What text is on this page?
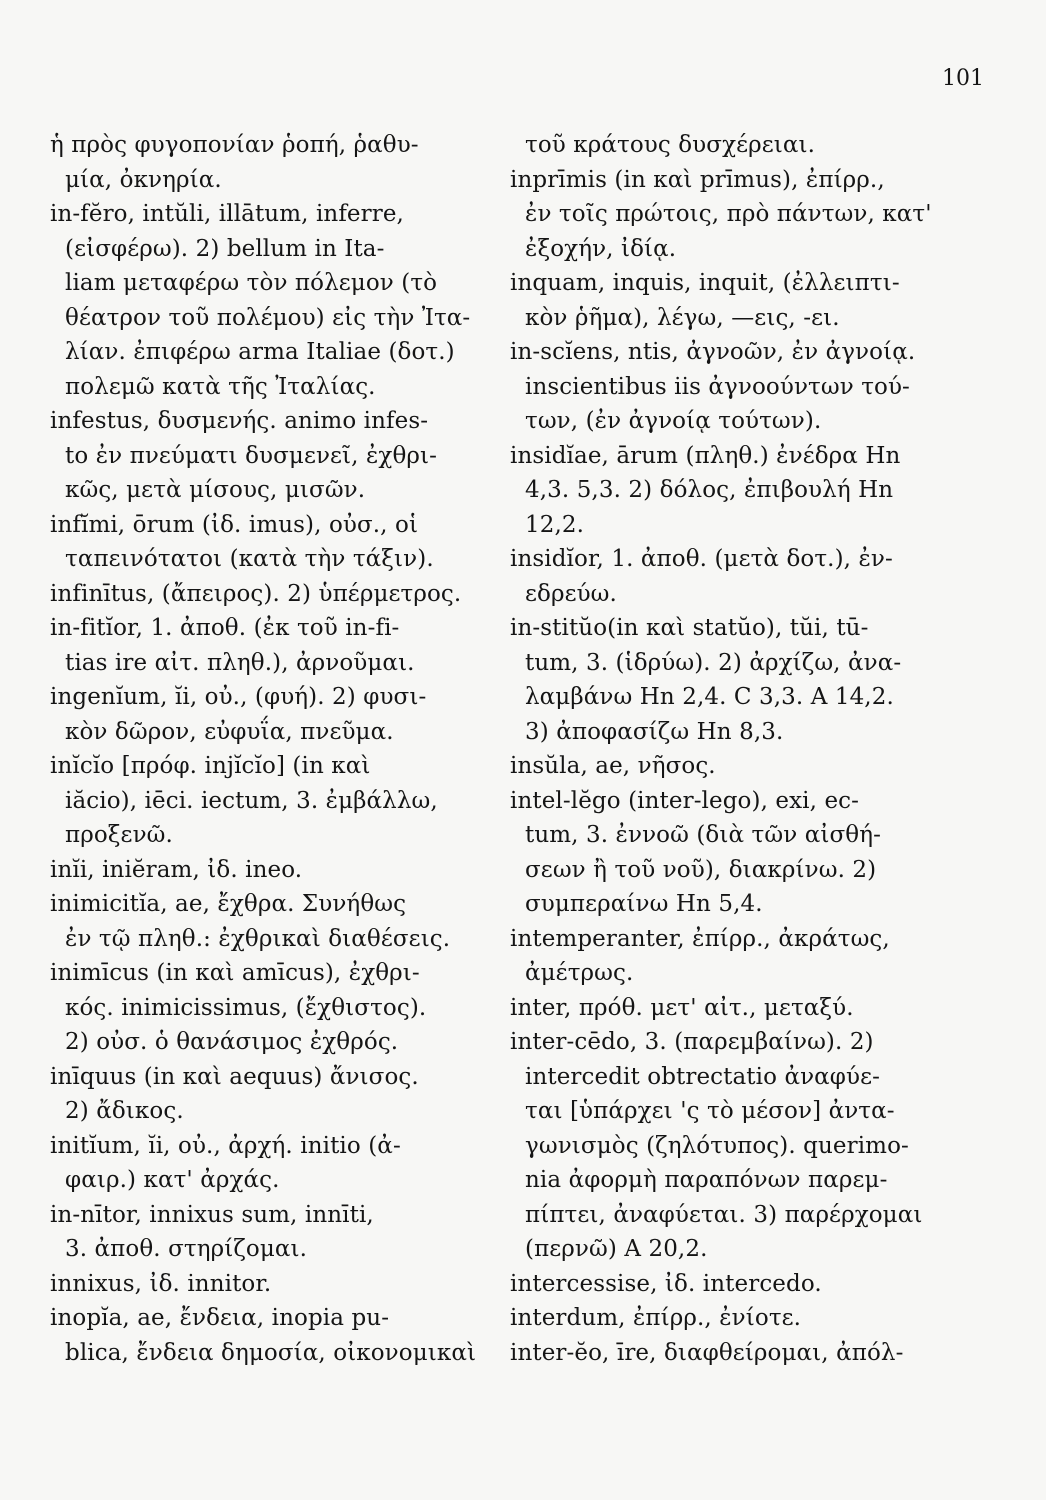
101
ἡ πρὸς φυγοπονίαν ῥοπή, ῥαθυ-
μία, ὀκνηρία.
in-fĕro, intŭli, illātum, inferre,
(εἰσφέρω). 2) bellum in Ita-
liam μεταφέρω τὸν πόλεμον (τὸ
θέατρον τοῦ πολέμου) εἰς τὴν Ἰτα-
λίαν. ἐπιφέρω arma Italiae (δοτ.)
πολεμῶ κατὰ τῆς Ἰταλίας.
infestus, δυσμενής. animo infes-
to ἐν πνεύματι δυσμενεῖ, ἐχθρι-
κῶς, μετὰ μίσους, μισῶν.
infĭmi, ōrum (ἰδ. imus), οὐσ., οἱ
ταπεινότατοι (κατὰ τὴν τάξιν).
infinītus, (ἄπειρος). 2) ὑπέρμετρος.
in-fitĭor, 1. ἀποθ. (ἐκ τοῦ in-fi-
tias ire αἰτ. πληθ.), ἀρνοῦμαι.
ingenĭum, ĭi, οὐ., (φυή). 2) φυσι-
κὸν δῶρον, εὐφυΐα, πνεῦμα.
inĭcĭo [πρόφ. injĭcĭo] (in καὶ
iăcio), iēci. iectum, 3. ἐμβάλλω,
προξενῶ.
inĭi, iniĕram, ἰδ. ineo.
inimicitĭa, ae, ἔχθρα. Συνήθως
ἐν τῷ πληθ.: ἐχθρικαὶ διαθέσεις.
inimīcus (in καὶ amīcus), ἐχθρι-
κός. inimicissimus, (ἔχθιστος).
2) οὐσ. ὁ θανάσιμος ἐχθρός.
inīquus (in καὶ aequus) ἄνισος.
2) ἄδικος.
initĭum, ĭi, οὐ., ἀρχή. initio (ἀ-
φαιρ.) κατ' ἀρχάς.
in-nītor, innixus sum, innīti,
3. ἀποθ. στηρίζομαι.
innixus, ἰδ. innitor.
inopĭa, ae, ἔνδεια, inopia pu-
blica, ἔνδεια δημοσία, οἰκονομικαὶ
τοῦ κράτους δυσχέρειαι.
inprīmis (in καὶ prīmus), ἐπίρρ.,
ἐν τοῖς πρώτοις, πρὸ πάντων, κατ'
ἐξοχήν, ἰδίᾳ.
inquam, inquis, inquit, (ἐλλειπτι-
κὸν ῥῆμα), λέγω, —εις, -ει.
in-scĭens, ntis, ἀγνοῶν, ἐν ἀγνοίᾳ.
inscientibus iis ἀγνοούντων τού-
των, (ἐν ἀγνοίᾳ τούτων).
insidĭae, ārum (πληθ.) ἐνέδρα Hn
4,3. 5,3. 2) δόλος, ἐπιβουλή Hn
12,2.
insidĭor, 1. ἀποθ. (μετὰ δοτ.), ἐν-
εδρεύω.
in-stitŭo(in καὶ statŭo), tŭi, tū-
tum, 3. (ἱδρύω). 2) ἀρχίζω, ἀνα-
λαμβάνω Hn 2,4. C 3,3. A 14,2.
3) ἀποφασίζω Hn 8,3.
insŭla, ae, νῆσος.
intel-lĕgo (inter-lego), exi, ec-
tum, 3. ἐννοῶ (διὰ τῶν αἰσθή-
σεων ἢ τοῦ νοῦ), διακρίνω. 2)
συμπεραίνω Hn 5,4.
intemperanter, ἐπίρρ., ἀκράτως,
ἀμέτρως.
inter, πρόθ. μετ' αἰτ., μεταξύ.
inter-cēdo, 3. (παρεμβαίνω). 2)
intercedit obtrectatio ἀναφύε-
ται [ὑπάρχει 'ς τὸ μέσον] ἀντα-
γωνισμὸς (ζηλότυπος). querimo-
nia ἀφορμὴ παραπόνων παρεμ-
πίπτει, ἀναφύεται. 3) παρέρχομαι
(περνῶ) A 20,2.
intercessise, ἰδ. intercedo.
interdum, ἐπίρρ., ἐνίοτε.
inter-ĕo, īre, διαφθείρομαι, ἀπόλ-
